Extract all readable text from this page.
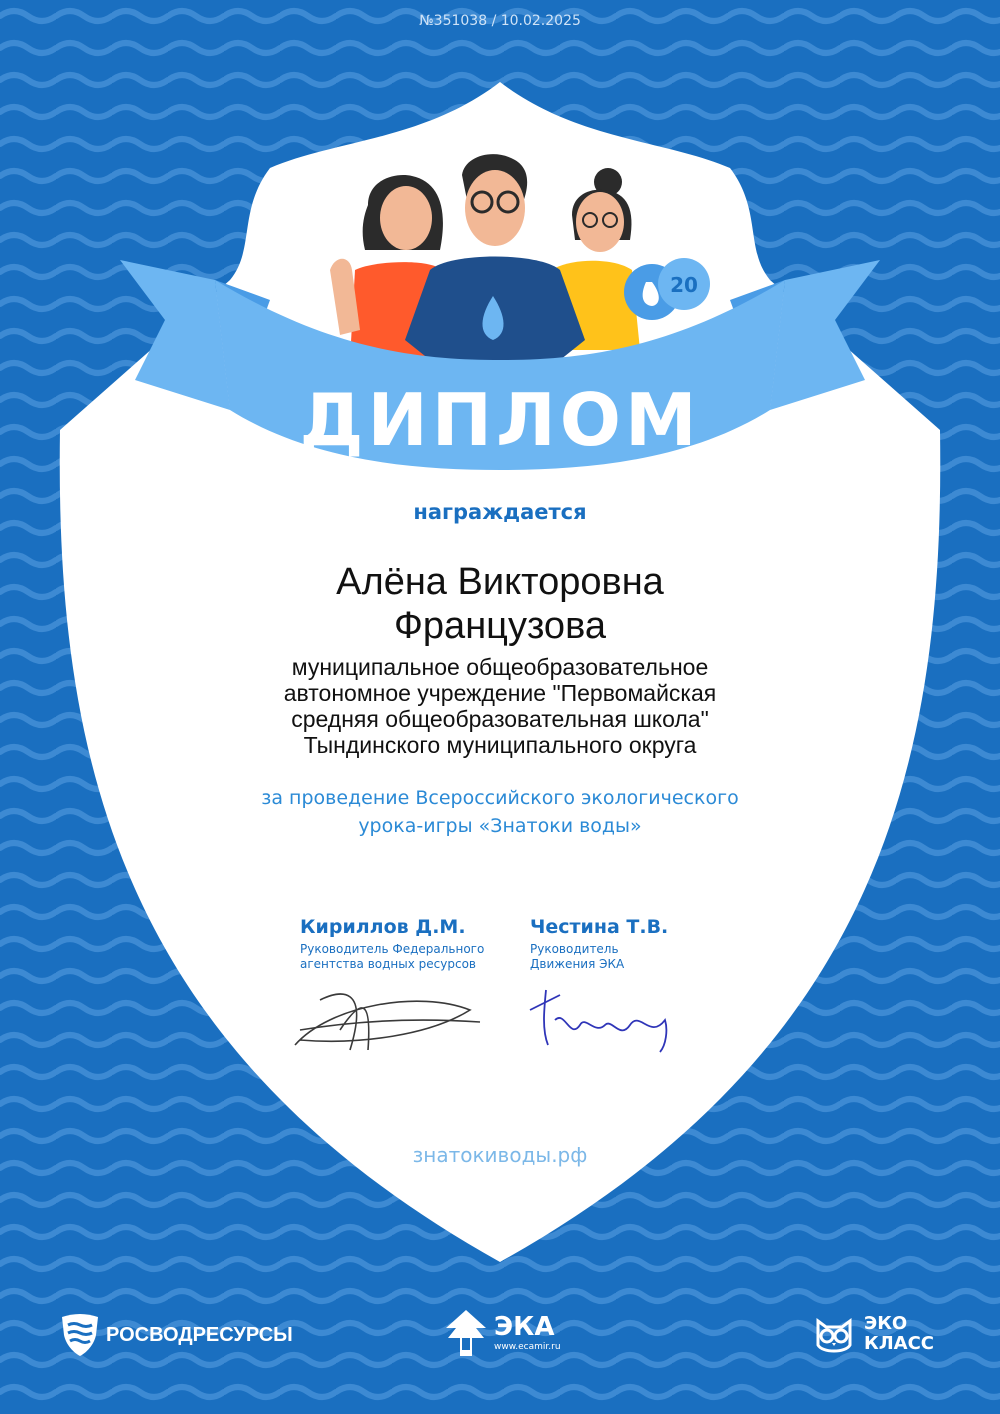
20
№351038 / 10.02.2025
ДИПЛОМ
награждается
Алёна Викторовна
Французова
муниципальное общеобразовательное
автономное учреждение "Первомайская
средняя общеобразовательная школа"
Тындинского муниципального округа
за проведение Всероссийского экологического
урока-игры «Знатоки воды»
Кириллов Д.М.
Руководитель Федерального
агентства водных ресурсов
Честина Т.В.
Руководитель
Движения ЭКА
знатокиводы.рф
РОСВОДРЕСУРСЫ	ЭКА
www.ecamir.ru
ЭКО
КЛАСС
